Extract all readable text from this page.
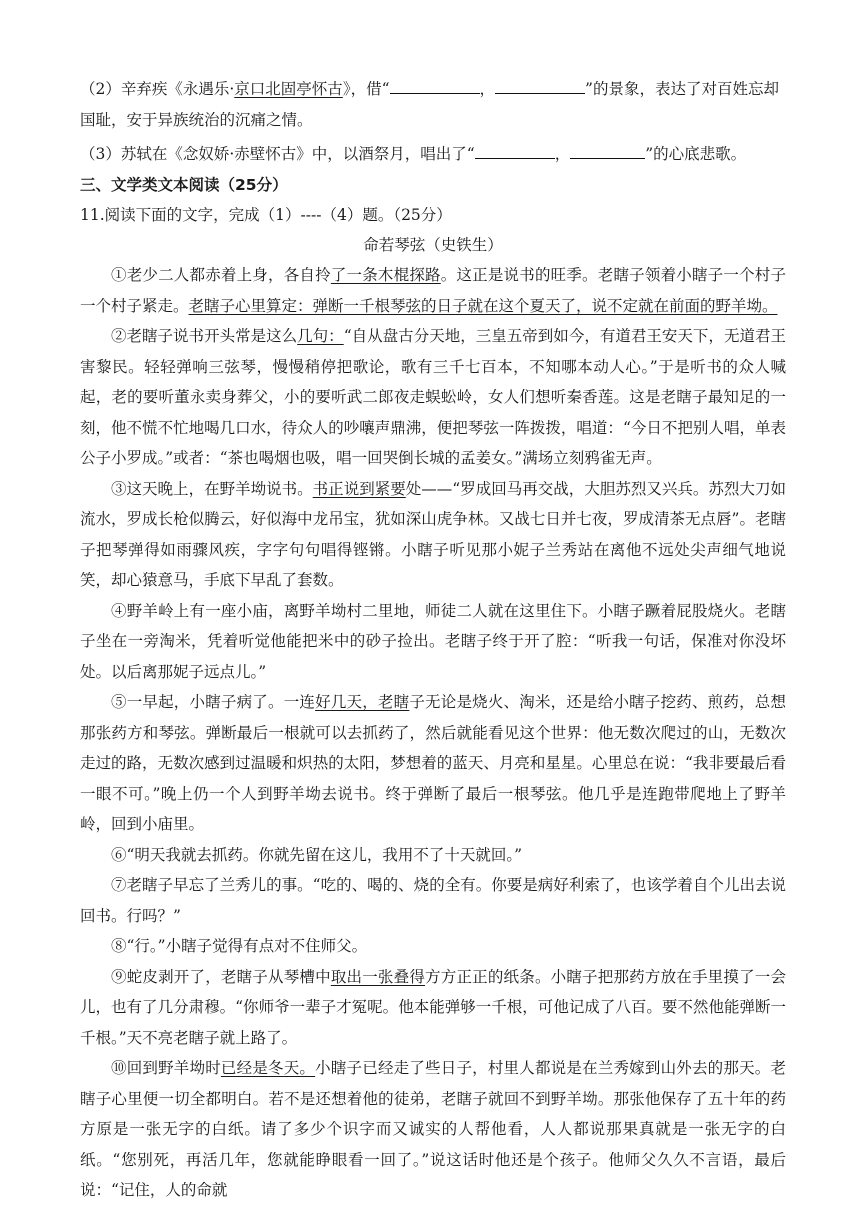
（2）辛弃疾《永遇乐·京口北固亭怀古》，借“	，	”的景象，表达了对百姓忘却
国耻，安于异族统治的沉痛之情。

（3）苏轼在《念奴娇·赤壁怀古》中，以酒祭月，唱出了“	，	”的心底悲歌。

三、文学类文本阅读（25分）

11.阅读下面的文字，完成（1）----（4）题。（25分）

命若琴弦（史铁生）

①老少二人都赤着上身，各自拎了一条木棍探路。这正是说书的旺季。老瞎子领着小瞎子一个村子一个村子紧走。老瞎子心里算定：弹断一千根琴弦的日子就在这个夏天了，说不定就在前面的野羊坳。

②老瞎子说书开头常是这么几句：“自从盘古分天地，三皇五帝到如今，有道君王安天下，无道君王害黎民。轻轻弹响三弦琴，慢慢稍停把歌论，歌有三千七百本，不知哪本动人心。”于是听书的众人喊起，老的要听董永卖身葬父，小的要听武二郎夜走蜈蚣岭，女人们想听秦香莲。这是老瞎子最知足的一刻，他不慌不忙地喝几口水，待众人的吵嚷声鼎沸，便把琴弦一阵拨拨，唱道：“今日不把别人唱，单表公子小罗成。”或者：“茶也喝烟也吸，唱一回哭倒长城的孟姜女。”满场立刻鸦雀无声。

③这天晚上，在野羊坳说书。书正说到紧要处——“罗成回马再交战，大胆苏烈又兴兵。苏烈大刀如流水，罗成长枪似腾云，好似海中龙吊宝，犹如深山虎争林。又战七日并七夜，罗成清茶无点唇”。老瞎子把琴弹得如雨骤风疾，字字句句唱得铿锵。小瞎子听见那小妮子兰秀站在离他不远处尖声细气地说笑，却心猿意马，手底下早乱了套数。

④野羊岭上有一座小庙，离野羊坳村二里地，师徒二人就在这里住下。小瞎子蹶着屁股烧火。老瞎子坐在一旁淘米，凭着听觉他能把米中的砂子捡出。老瞎子终于开了腔：“听我一句话，保准对你没坏处。以后离那妮子远点儿。”

⑤一早起，小瞎子病了。一连好几天，老瞎子无论是烧火、淘米，还是给小瞎子挖药、煎药，总想那张药方和琴弦。弹断最后一根就可以去抓药了，然后就能看见这个世界：他无数次爬过的山，无数次走过的路，无数次感到过温暖和炽热的太阳，梦想着的蓝天、月亮和星星。心里总在说：“我非要最后看一眼不可。”晚上仍一个人到野羊坳去说书。终于弹断了最后一根琴弦。他几乎是连跑带爬地上了野羊岭，回到小庙里。

⑥“明天我就去抓药。你就先留在这儿，我用不了十天就回。”

⑦老瞎子早忘了兰秀儿的事。“吃的、喝的、烧的全有。你要是病好利索了，也该学着自个儿出去说回书。行吗？”

⑧“行。”小瞎子觉得有点对不住师父。

⑨蛇皮剥开了，老瞎子从琴槽中取出一张叠得方方正正的纸条。小瞎子把那药方放在手里摸了一会儿，也有了几分肃穆。“你师爷一辈子才冤呢。他本能弹够一千根，可他记成了八百。要不然他能弹断一千根。”天不亮老瞎子就上路了。

⑩回到野羊坳时已经是冬天。小瞎子已经走了些日子，村里人都说是在兰秀嫁到山外去的那天。老瞎子心里便一切全都明白。若不是还想着他的徒弟，老瞎子就回不到野羊坳。那张他保存了五十年的药方原是一张无字的白纸。请了多少个识字而又诚实的人帮他看，人人都说那果真就是一张无字的白纸。“您别死，再活几年，您就能睁眼看一回了。”说这话时他还是个孩子。他师父久久不言语，最后说：“记住，人的命就
